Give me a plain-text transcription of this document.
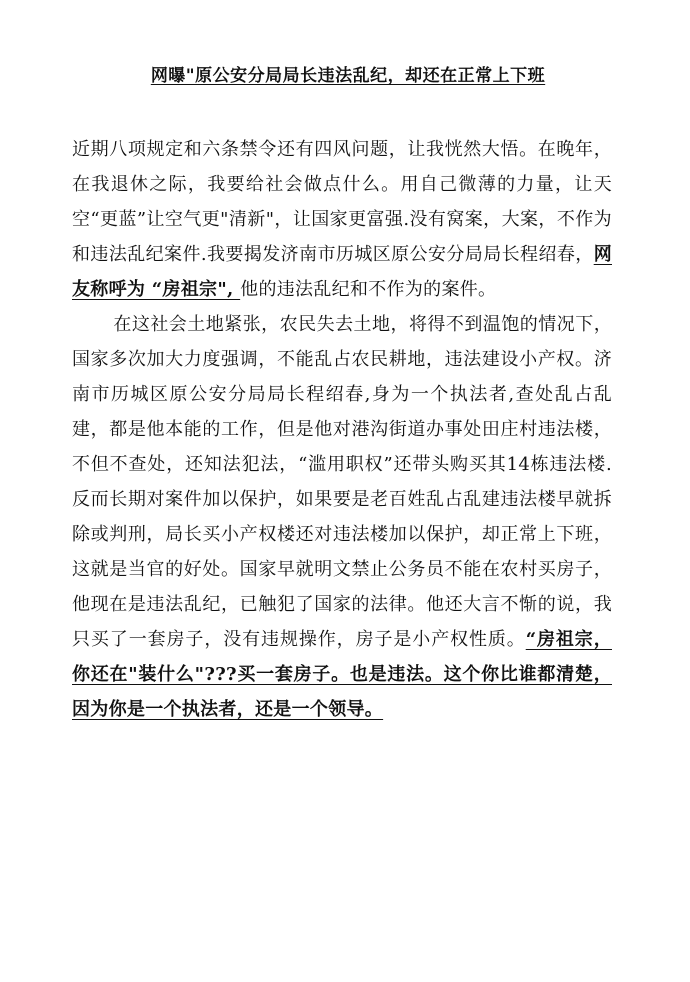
网曝"原公安分局局长违法乱纪，却还在正常上下班

近期八项规定和六条禁令还有四风问题，让我恍然大悟。在晚年，在我退休之际，我要给社会做点什么。用自己微薄的力量，让天空“更蓝”让空气更"清新"，让国家更富强.没有窝案，大案，不作为和违法乱纪案件.我要揭发济南市历城区原公安分局局长程绍春，网友称呼为 “房祖宗", 他的违法乱纪和不作为的案件。

在这社会土地紧张，农民失去土地，将得不到温饱的情况下，国家多次加大力度强调，不能乱占农民耕地，违法建设小产权。济南市历城区原公安分局局长程绍春,身为一个执法者,查处乱占乱建，都是他本能的工作，但是他对港沟街道办事处田庄村违法楼，不但不查处，还知法犯法，“滥用职权”还带头购买其14栋违法楼.反而长期对案件加以保护，如果要是老百姓乱占乱建违法楼早就拆除或判刑，局长买小产权楼还对违法楼加以保护，却正常上下班，这就是当官的好处。国家早就明文禁止公务员不能在农村买房子，他现在是违法乱纪，已触犯了国家的法律。他还大言不惭的说，我只买了一套房子，没有违规操作，房子是小产权性质。“房祖宗，你还在"装什么"???买一套房子。也是违法。这个你比谁都清楚，因为你是一个执法者，还是一个领导。
